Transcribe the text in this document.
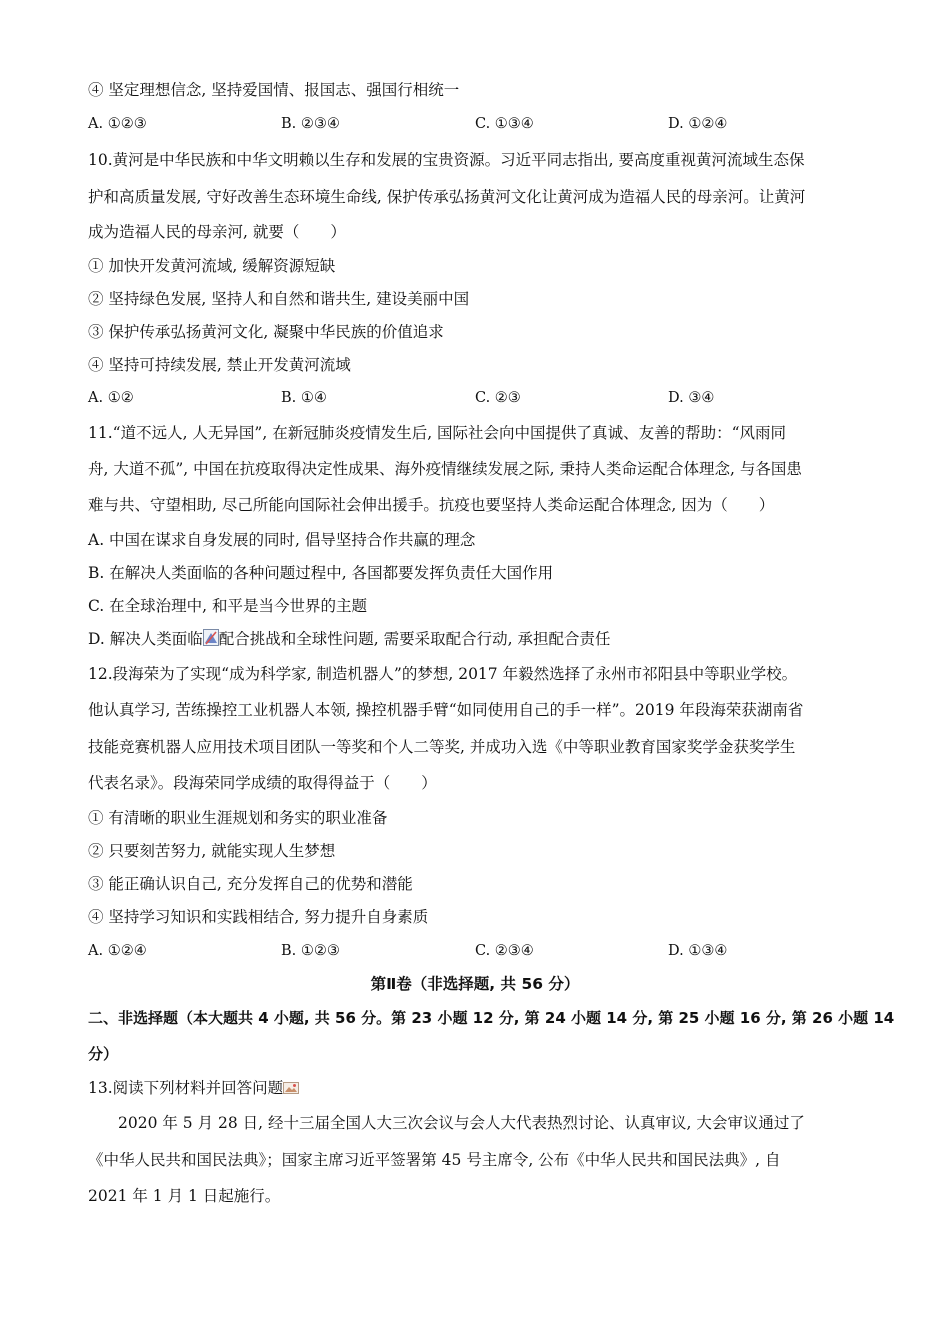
④ 坚定理想信念, 坚持爱国情、报国志、强国行相统一
A. ①②③	B. ②③④	C. ①③④	D. ①②④
10.黄河是中华民族和中华文明赖以生存和发展的宝贵资源。习近平同志指出, 要高度重视黄河流域生态保
护和高质量发展, 守好改善生态环境生命线, 保护传承弘扬黄河文化让黄河成为造福人民的母亲河。让黄河
成为造福人民的母亲河, 就要（　　）
① 加快开发黄河流域, 缓解资源短缺
② 坚持绿色发展, 坚持人和自然和谐共生, 建设美丽中国
③ 保护传承弘扬黄河文化, 凝聚中华民族的价值追求
④ 坚持可持续发展, 禁止开发黄河流域
A. ①②	B. ①④	C. ②③	D. ③④
11.“道不远人, 人无异国”, 在新冠肺炎疫情发生后, 国际社会向中国提供了真诚、友善的帮助：“风雨同
舟, 大道不孤”, 中国在抗疫取得决定性成果、海外疫情继续发展之际, 秉持人类命运配合体理念, 与各国患
难与共、守望相助, 尽己所能向国际社会伸出援手。抗疫也要坚持人类命运配合体理念, 因为（　　）
A. 中国在谋求自身发展的同时, 倡导坚持合作共赢的理念
B. 在解决人类面临的各种问题过程中, 各国都要发挥负责任大国作用
C. 在全球治理中, 和平是当今世界的主题
D. 解决人类面临 配合挑战和全球性问题, 需要采取配合行动, 承担配合责任
12.段海荣为了实现“成为科学家, 制造机器人”的梦想, 2017 年毅然选择了永州市祁阳县中等职业学校。
他认真学习, 苦练操控工业机器人本领, 操控机器手臂“如同使用自己的手一样”。2019 年段海荣获湖南省
技能竞赛机器人应用技术项目团队一等奖和个人二等奖, 并成功入选《中等职业教育国家奖学金获奖学生
代表名录》。段海荣同学成绩的取得得益于（　　）
① 有清晰的职业生涯规划和务实的职业准备
② 只要刻苦努力, 就能实现人生梦想
③ 能正确认识自己, 充分发挥自己的优势和潜能
④ 坚持学习知识和实践相结合, 努力提升自身素质
A. ①②④	B. ①②③	C. ②③④	D. ①③④
第Ⅱ卷（非选择题, 共 56 分）
二、非选择题（本大题共 4 小题, 共 56 分。第 23 小题 12 分, 第 24 小题 14 分, 第 25 小题 16 分, 第 26 小题 14
分）
13.阅读下列材料并回答问题
2020 年 5 月 28 日, 经十三届全国人大三次会议与会人大代表热烈讨论、认真审议, 大会审议通过了
《中华人民共和国民法典》；国家主席习近平签署第 45 号主席令, 公布《中华人民共和国民法典》, 自
2021 年 1 月 1 日起施行。
